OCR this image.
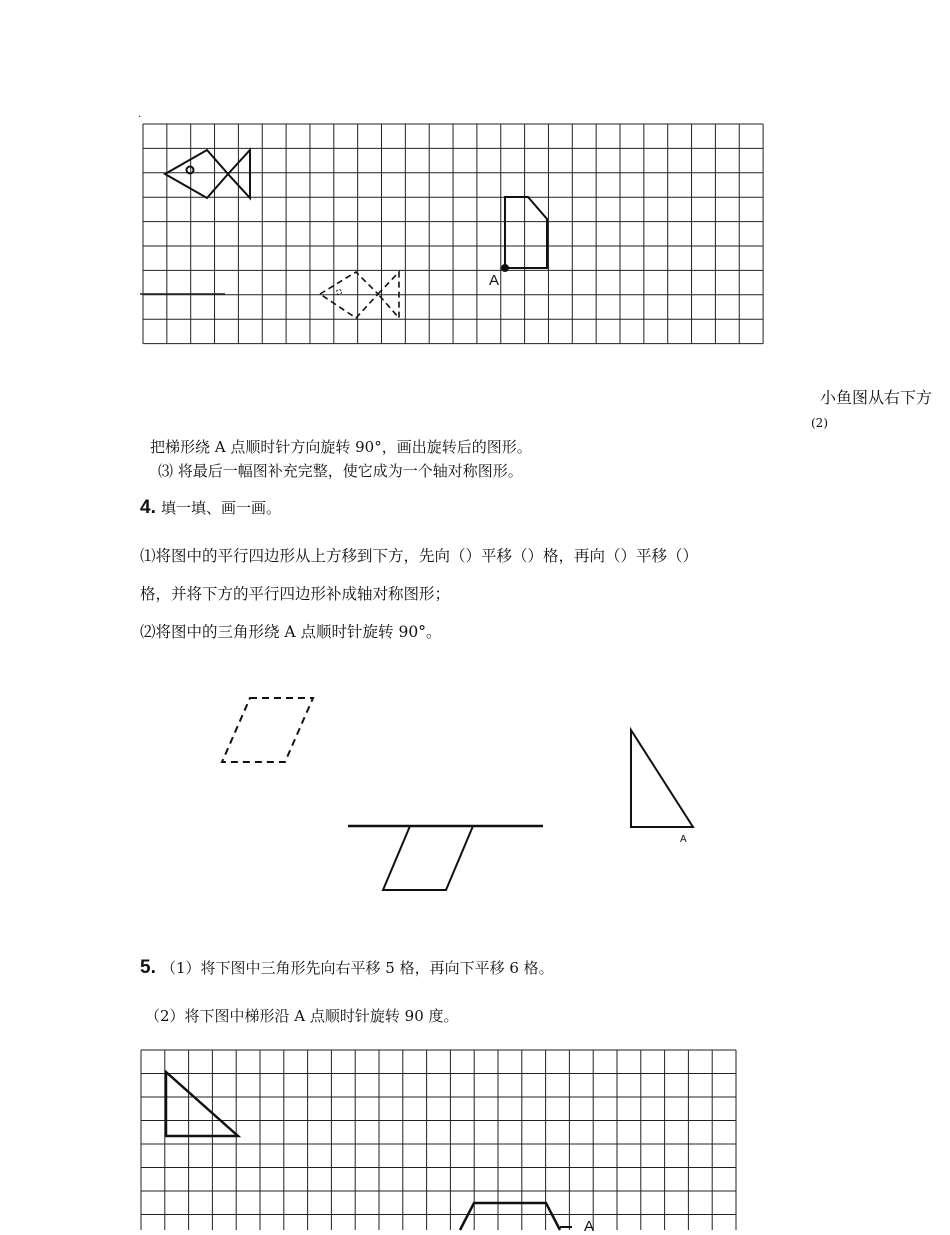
.
A
小鱼图从右下方
(2)
把梯形绕 A 点顺时针方向旋转 90°，画出旋转后的图形。
⑶ 将最后一幅图补充完整，使它成为一个轴对称图形。
4. 填一填、画一画。
⑴将图中的平行四边形从上方移到下方，先向（）平移（）格，再向（）平移（）
格，并将下方的平行四边形补成轴对称图形；
⑵将图中的三角形绕 A 点顺时针旋转 90°。
A
5. （1）将下图中三角形先向右平移 5 格，再向下平移 6 格。
（2）将下图中梯形沿 A 点顺时针旋转 90 度。
A
